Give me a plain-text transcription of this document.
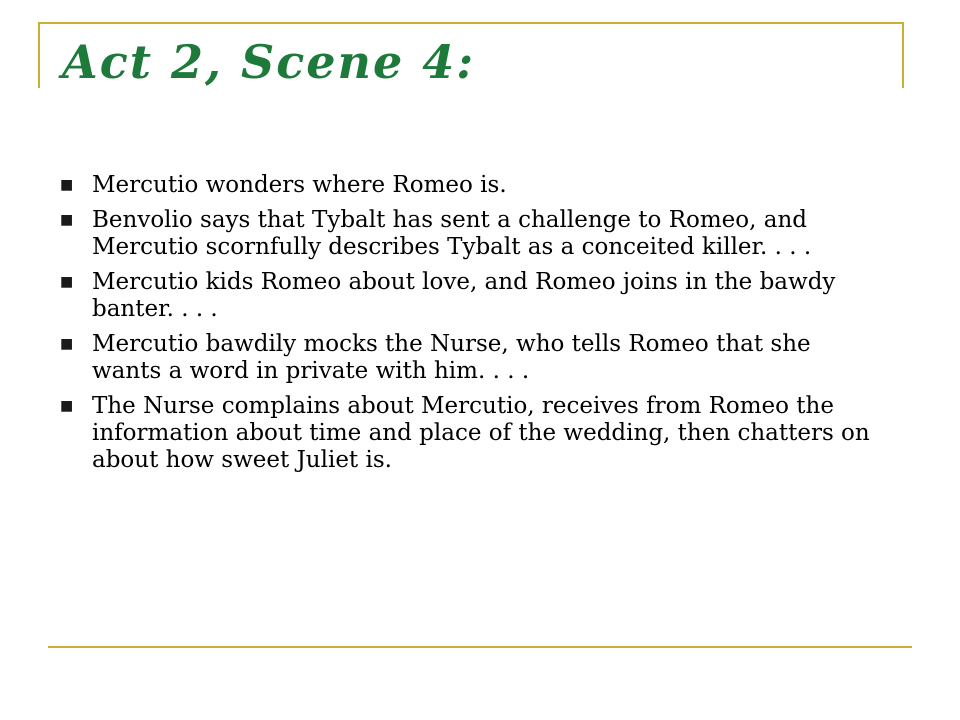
Act 2, Scene 4:
■ Mercutio wonders where Romeo is.
■ Benvolio says that Tybalt has sent a challenge to Romeo, and Mercutio scornfully describes Tybalt as a conceited killer. . . .
■ Mercutio kids Romeo about love, and Romeo joins in the bawdy banter. . . .
■ Mercutio bawdily mocks the Nurse, who tells Romeo that she wants a word in private with him. . . .
■ The Nurse complains about Mercutio, receives from Romeo the information about time and place of the wedding, then chatters on about how sweet Juliet is.
